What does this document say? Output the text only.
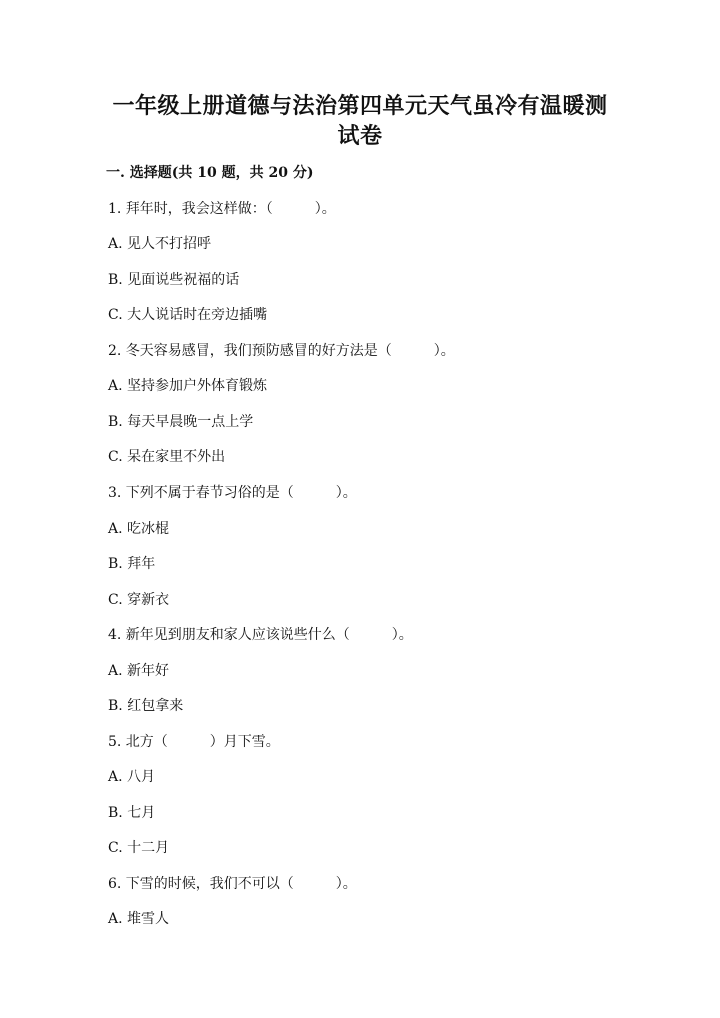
一年级上册道德与法治第四单元天气虽冷有温暖测
试卷
一. 选择题(共 10 题，共 20 分)
1. 拜年时，我会这样做：（　　　）。
A. 见人不打招呼
B. 见面说些祝福的话
C. 大人说话时在旁边插嘴
2. 冬天容易感冒，我们预防感冒的好方法是（　　　）。
A. 坚持参加户外体育锻炼
B. 每天早晨晚一点上学
C. 呆在家里不外出
3. 下列不属于春节习俗的是（　　　）。
A. 吃冰棍
B. 拜年
C. 穿新衣
4. 新年见到朋友和家人应该说些什么（　　　）。
A. 新年好
B. 红包拿来
5. 北方（　　　）月下雪。
A. 八月
B. 七月
C. 十二月
6. 下雪的时候，我们不可以（　　　）。
A. 堆雪人
